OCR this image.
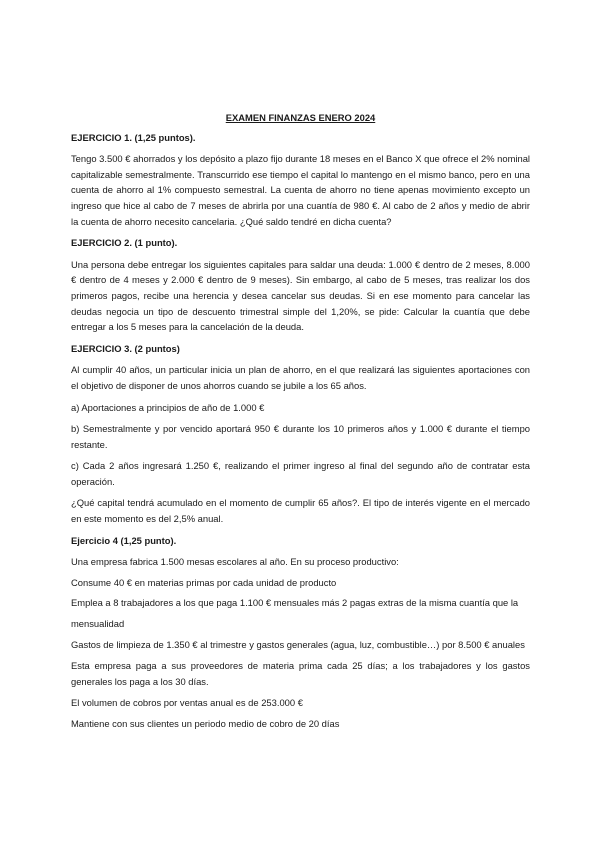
EXAMEN FINANZAS ENERO 2024

EJERCICIO 1. (1,25 puntos).

Tengo 3.500 € ahorrados y los depósito a plazo fijo durante 18 meses en el Banco X que ofrece el 2% nominal capitalizable semestralmente. Transcurrido ese tiempo el capital lo mantengo en el mismo banco, pero en una cuenta de ahorro al 1% compuesto semestral. La cuenta de ahorro no tiene apenas movimiento excepto un ingreso que hice al cabo de 7 meses de abrirla por una cuantía de 980 €. Al cabo de 2 años y medio de abrir la cuenta de ahorro necesito cancelaria. ¿Qué saldo tendré en dicha cuenta?

EJERCICIO 2. (1 punto).

Una persona debe entregar los siguientes capitales para saldar una deuda: 1.000 € dentro de 2 meses, 8.000 € dentro de 4 meses y 2.000 € dentro de 9 meses). Sin embargo, al cabo de 5 meses, tras realizar los dos primeros pagos, recibe una herencia y desea cancelar sus deudas. Si en ese momento para cancelar las deudas negocia un tipo de descuento trimestral simple del 1,20%, se pide: Calcular la cuantía que debe entregar a los 5 meses para la cancelación de la deuda.

EJERCICIO 3. (2 puntos)

Al cumplir 40 años, un particular inicia un plan de ahorro, en el que realizará las siguientes aportaciones con el objetivo de disponer de unos ahorros cuando se jubile a los 65 años.

a) Aportaciones a principios de año de 1.000 €

b) Semestralmente y por vencido aportará 950 € durante los 10 primeros años y 1.000 € durante el tiempo restante.

c) Cada 2 años ingresará 1.250 €, realizando el primer ingreso al final del segundo año de contratar esta operación.

¿Qué capital tendrá acumulado en el momento de cumplir 65 años?. El tipo de interés vigente en el mercado en este momento es del 2,5% anual.

Ejercicio 4 (1,25 punto).

Una empresa fabrica 1.500 mesas escolares al año. En su proceso productivo:

Consume 40 € en materias primas por cada unidad de producto

Emplea a 8 trabajadores a los que paga 1.100 € mensuales más 2 pagas extras de la misma cuantía que la

mensualidad

Gastos de limpieza de 1.350 € al trimestre y gastos generales (agua, luz, combustible…) por 8.500 € anuales

Esta empresa paga a sus proveedores de materia prima cada 25 días; a los trabajadores y los gastos generales los paga a los 30 días.

El volumen de cobros por ventas anual es de 253.000 €

Mantiene con sus clientes un periodo medio de cobro de 20 días
